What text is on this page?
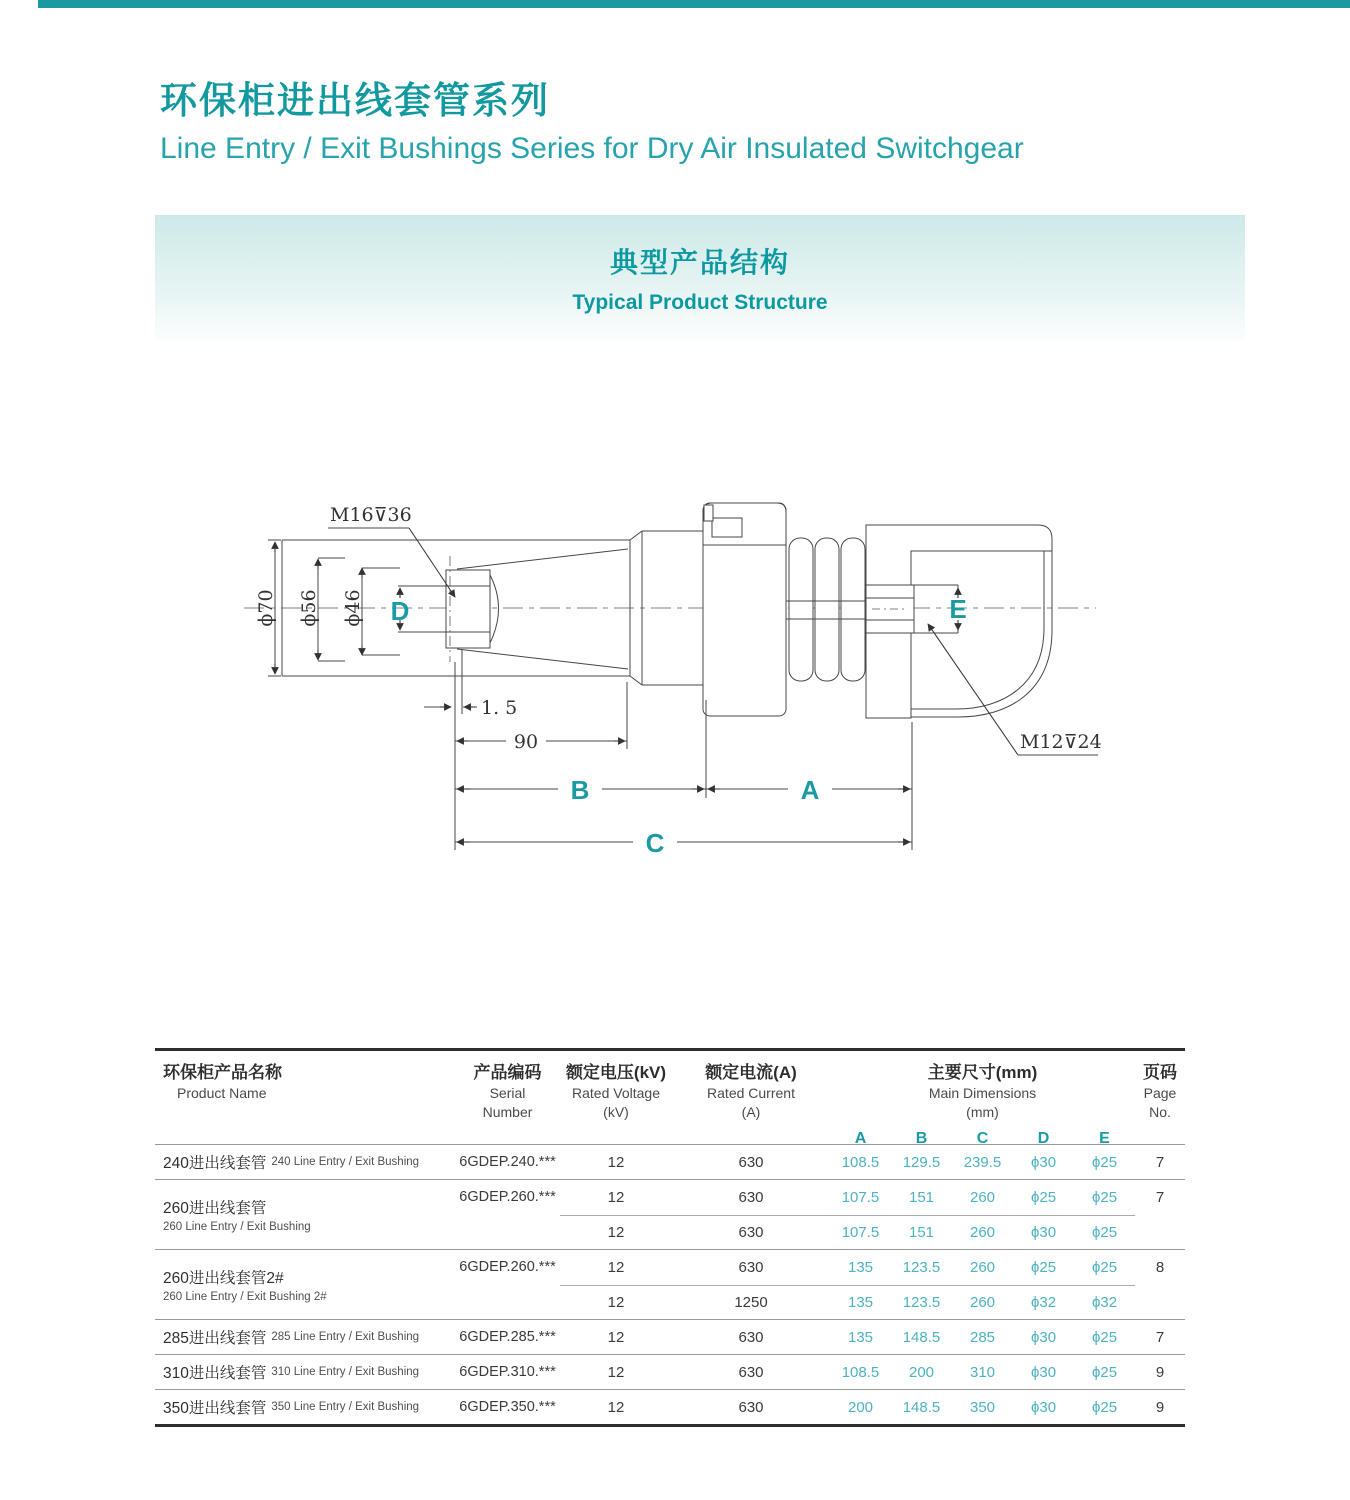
环保柜进出线套管系列
Line Entry / Exit Bushings Series for Dry Air Insulated Switchgear
典型产品结构
Typical Product Structure
E
M16⊽36
M12⊽24
ϕ70 ϕ56 ϕ46 D
1. 5
90
B	A
C
环保柜产品名称
Product Name
产品编码
Serial
Number
额定电压(kV)
Rated Voltage
(kV)
额定电流(A)
Rated Current
(A)
主要尺寸(mm)
Main Dimensions
(mm)
A	B	C	D	E
页码
Page
No.
240进出线套管 240 Line Entry / Exit Bushing	6GDEP.240.***	12	630	108.5	129.5	239.5	ϕ30	ϕ25	7
260进出线套管
260 Line Entry / Exit Bushing
6GDEP.260.***	12	630	107.5	151	260	ϕ25	ϕ25	7
12	630	107.5	151	260	ϕ30	ϕ25
260进出线套管2#
260 Line Entry / Exit Bushing 2#
6GDEP.260.***	12	630	135	123.5	260	ϕ25	ϕ25	8
12	1250	135	123.5	260	ϕ32	ϕ32
285进出线套管 285 Line Entry / Exit Bushing	6GDEP.285.***	12	630	135	148.5	285	ϕ30	ϕ25	7
310进出线套管 310 Line Entry / Exit Bushing	6GDEP.310.***	12	630	108.5	200	310	ϕ30	ϕ25	9
350进出线套管 350 Line Entry / Exit Bushing	6GDEP.350.***	12	630	200	148.5	350	ϕ30	ϕ25	9
